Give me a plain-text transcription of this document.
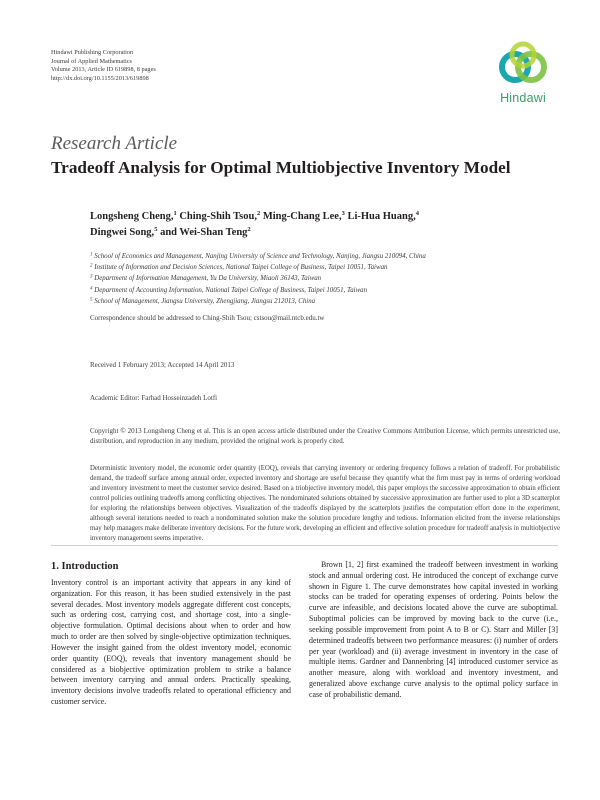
Hindawi Publishing Corporation
Journal of Applied Mathematics
Volume 2013, Article ID 619898, 8 pages
http://dx.doi.org/10.1155/2013/619898
Hindawi
Research Article
Tradeoff Analysis for Optimal Multiobjective Inventory Model
Longsheng Cheng,$^1$ Ching-Shih Tsou,$^2$ Ming-Chang Lee,$^3$ Li-Hua Huang,$^4$
Dingwei Song,$^5$ and Wei-Shan Teng$^2$
$^1$ School of Economics and Management, Nanjing University of Science and Technology, Nanjing, Jiangsu 210094, China
$^2$ Institute of Information and Decision Sciences, National Taipei College of Business, Taipei 10051, Taiwan
$^3$ Department of Information Management, Yu Da University, Miaoli 36143, Taiwan
$^4$ Department of Accounting Information, National Taipei College of Business, Taipei 10051, Taiwan
$^5$ School of Management, Jiangsu University, Zhengjiang, Jiangsu 212013, China
Correspondence should be addressed to Ching-Shih Tsou; cstsou@mail.ntcb.edu.tw
Received 1 February 2013; Accepted 14 April 2013
Academic Editor: Farhad Hosseinzadeh Lotfi
Copyright © 2013 Longsheng Cheng et al. This is an open access article distributed under the Creative Commons Attribution License, which permits unrestricted use, distribution, and reproduction in any medium, provided the original work is properly cited.
Deterministic inventory model, the economic order quantity (EOQ), reveals that carrying inventory or ordering frequency follows a relation of tradeoff. For probabilistic demand, the tradeoff surface among annual order, expected inventory and shortage are useful because they quantify what the firm must pay in terms of ordering workload and inventory investment to meet the customer service desired. Based on a triobjective inventory model, this paper employs the successive approximation to obtain efficient control policies outlining tradeoffs among conflicting objectives. The nondominated solutions obtained by successive approximation are further used to plot a 3D scatterplot for exploring the relationships between objectives. Visualization of the tradeoffs displayed by the scatterplots justifies the computation effort done in the experiment, although several iterations needed to reach a nondominated solution make the solution procedure lengthy and tedious. Information elicited from the inverse relationships may help managers make deliberate inventory decisions. For the future work, developing an efficient and effective solution procedure for tradeoff analysis in multiobjective inventory management seems imperative.
1. Introduction

Inventory control is an important activity that appears in any kind of organization. For this reason, it has been studied extensively in the past several decades. Most inventory models aggregate different cost concepts, such as ordering cost, carrying cost, and shortage cost, into a single-objective formulation. Optimal decisions about when to order and how much to order are then solved by single-objective optimization techniques. However the insight gained from the oldest inventory model, economic order quantity (EOQ), reveals that inventory management should be considered as a biobjective optimization problem to strike a balance between inventory carrying and annual orders. Practically speaking, inventory decisions involve tradeoffs related to operational efficiency and customer service.

Brown [1, 2] first examined the tradeoff between investment in working stock and annual ordering cost. He introduced the concept of exchange curve shown in Figure 1. The curve demonstrates how capital invested in working stocks can be traded for operating expenses of ordering. Points below the curve are infeasible, and decisions located above the curve are suboptimal. Suboptimal policies can be improved by moving back to the curve (i.e., seeking possible improvement from point A to B or C). Starr and Miller [3] determined tradeoffs between two performance measures: (i) number of orders per year (workload) and (ii) average investment in inventory in the case of multiple items. Gardner and Dannenbring [4] introduced customer service as another measure, along with workload and inventory investment, and generalized above exchange curve analysis to the optimal policy surface in case of probabilistic demand.
